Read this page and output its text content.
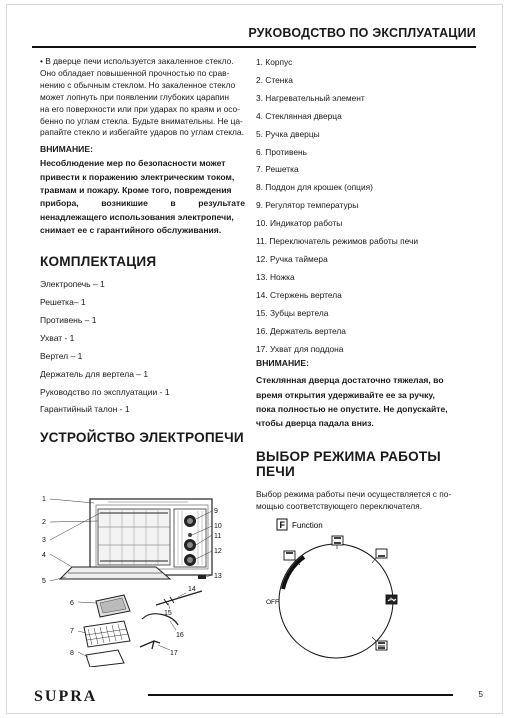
РУКОВОДСТВО ПО ЭКСПЛУАТАЦИИ

• В дверце печи используется закаленное стекло.

Оно обладает повышенной прочностью по срав-

нению с обычным стеклом. Но закаленное стекло

может лопнуть при появлении глубоких царапин

на его поверхности или при ударах по краям и осо-

бенно по углам стекла. Будьте внимательны. Не ца-

рапайте стекло и избегайте ударов по углам стекла.

ВНИМАНИЕ:
Несоблюдение мер по безопасности может
привести к поражению электрическим током,
травмам и пожару. Кроме того, повреждения
прибора,	возникшие	в	результате
ненадлежащего использования электропечи,
снимает ее с гарантийного обслуживания.
КОМПЛЕКТАЦИЯ
Электропечь – 1
Решетка– 1
Противень – 1
Ухват - 1
Вертел – 1
Держатель для вертела – 1
Руководство по эксплуатации - 1
Гарантийный талон - 1
УСТРОЙСТВО ЭЛЕКТРОПЕЧИ
1
2
3
4
5
6
7
8
9
10
11
12
13
14
15
16
17
1. Корпус
2. Стенка
3. Нагревательный элемент
4. Стеклянная дверца
5. Ручка дверцы
6. Противень
7. Решетка
8. Поддон для крошек (опция)
9. Регулятор температуры
10. Индикатор работы
11. Переключатель режимов работы печи
12. Ручка таймера
13. Ножка
14. Стержень вертела
15. Зубцы вертела
16. Держатель вертела
17. Ухват для поддона
ВНИМАНИЕ:
Стеклянная дверца достаточно тяжелая, во
время открытия удерживайте ее за ручку,
пока полностью не опустите. Не допускайте,
чтобы дверца падала вниз.
ВЫБОР РЕЖИМА РАБОТЫ ПЕЧИ
Выбор режима работы печи осуществляется с по-
мощью соответствующего переключателя.
F Function
OFF
SUPRA	5
